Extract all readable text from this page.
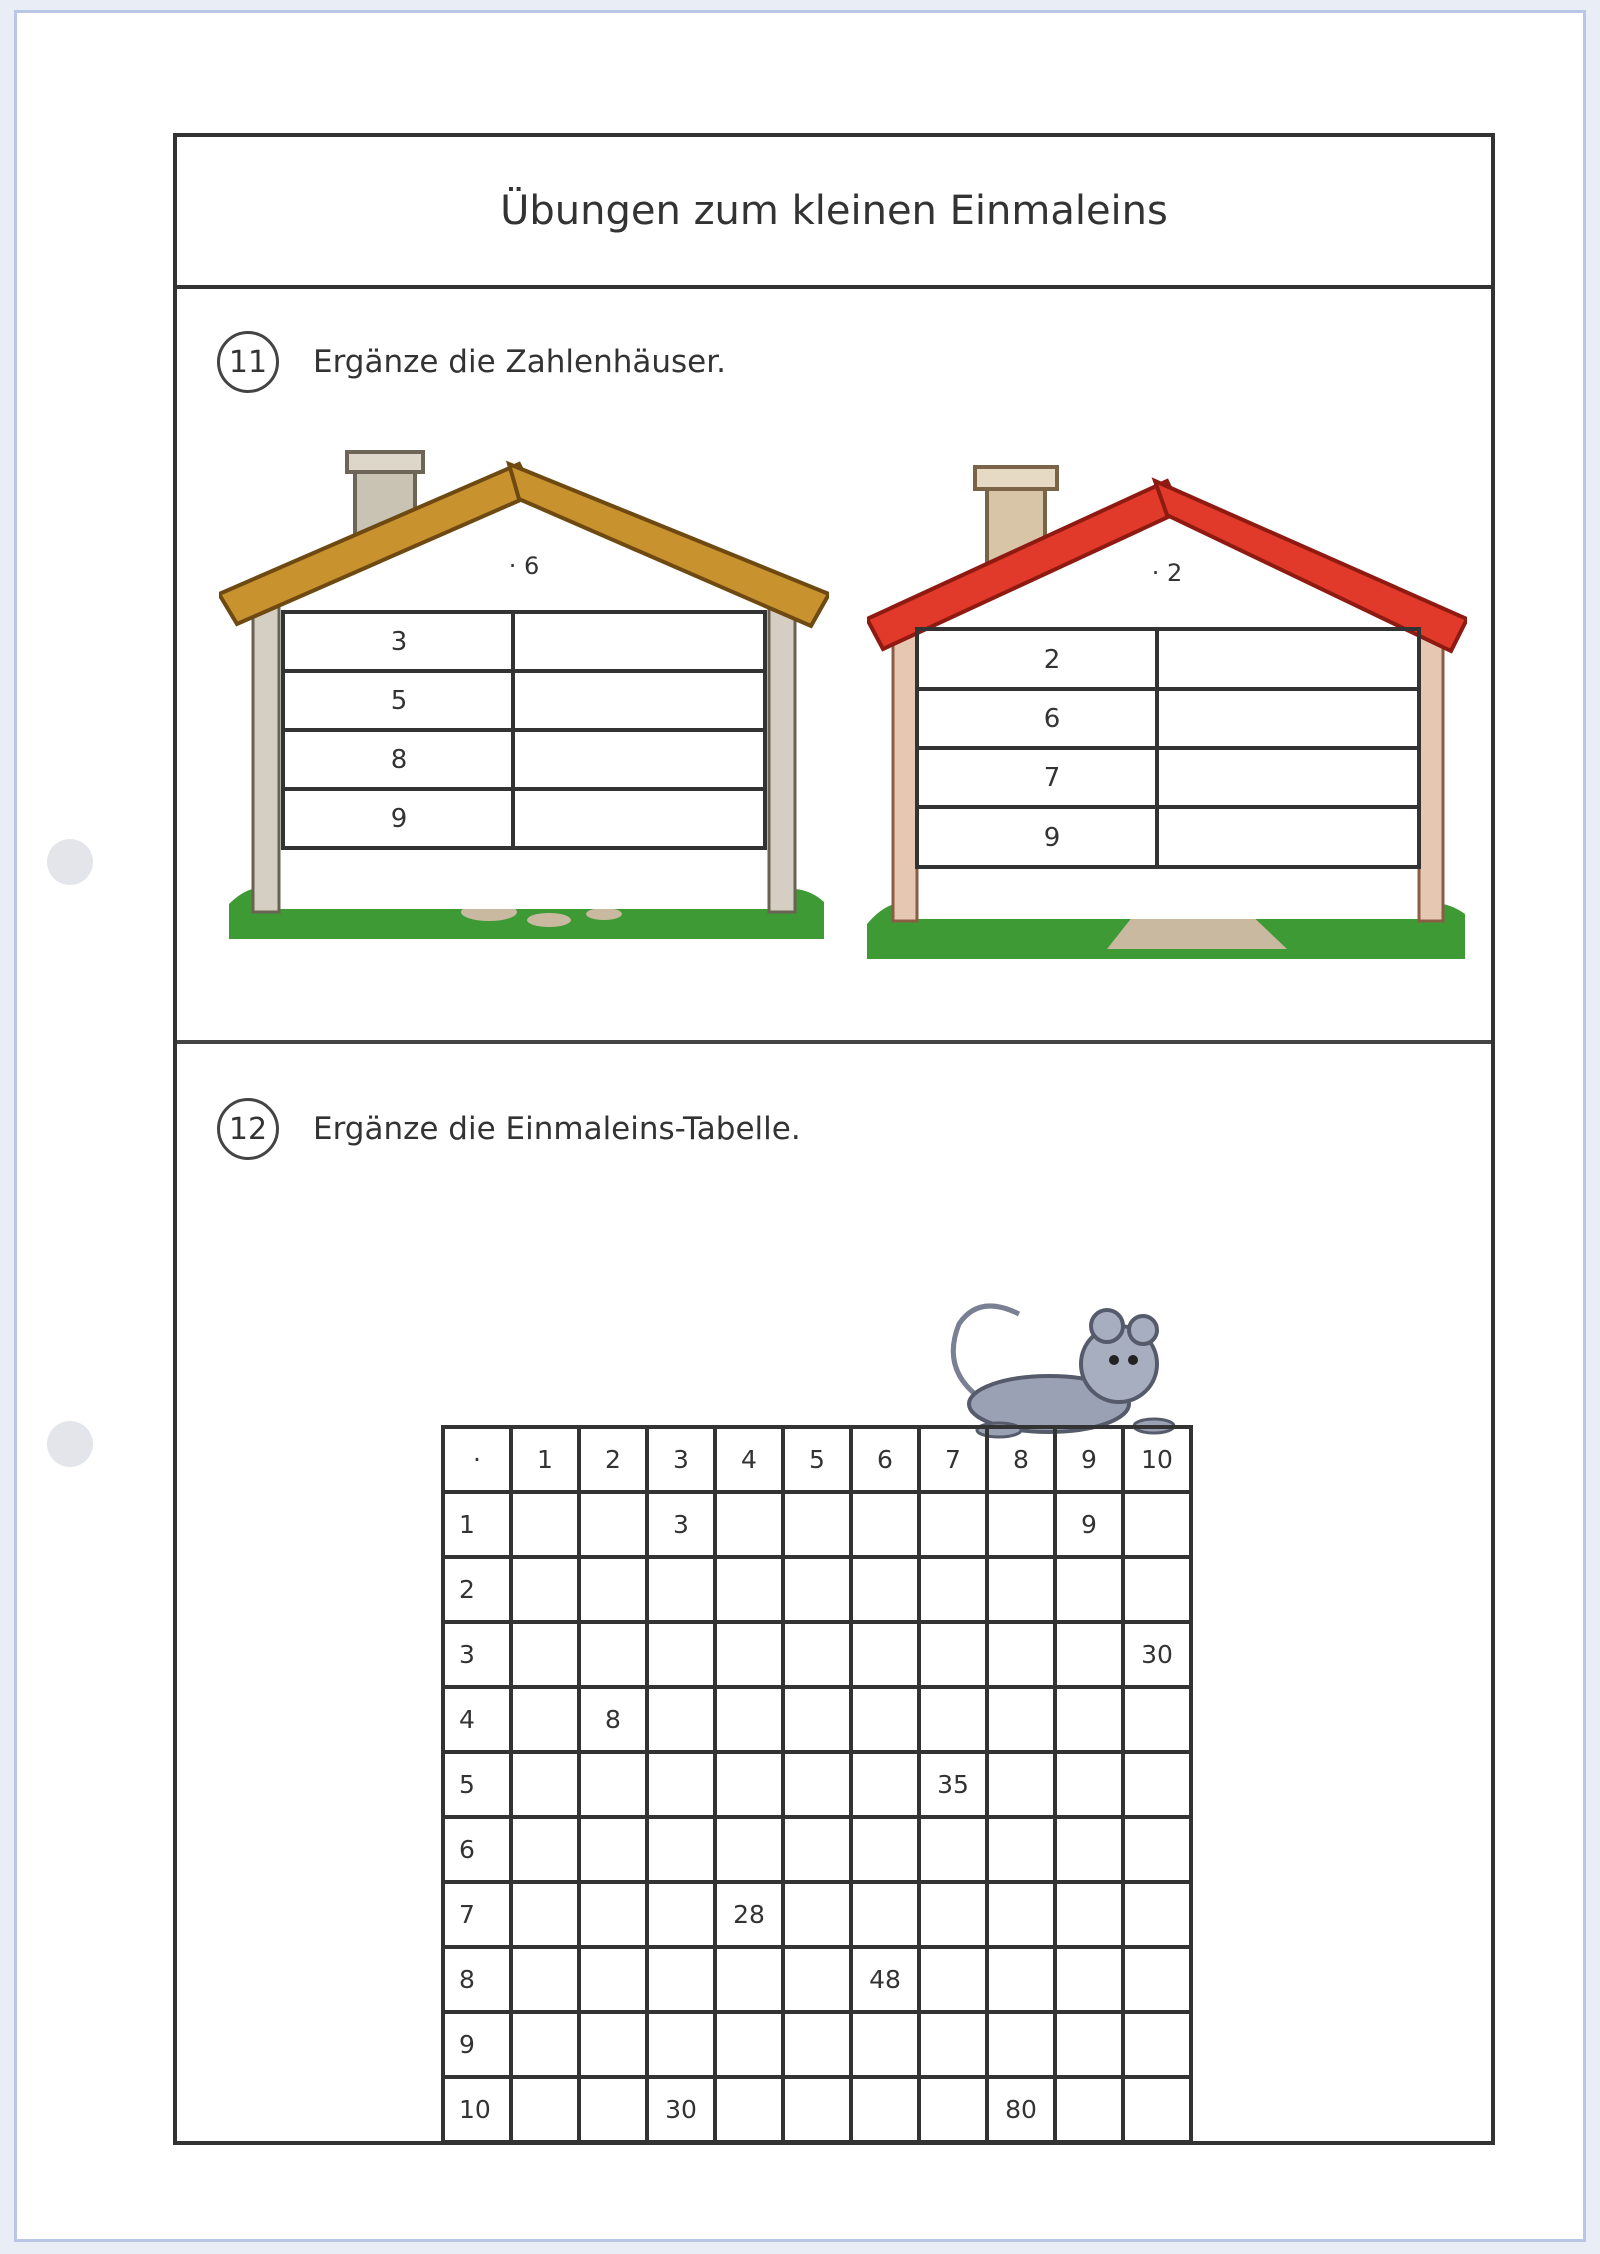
Übungen zum kleinen Einmaleins
11	Ergänze die Zahlenhäuser.
· 6
3
5
8
9
· 2
2
6
7
9
12	Ergänze die Einmaleins-Tabelle.
·	1	2	3	4	5	6	7	8	9	10
1			3						9	
2										
3										30
4		8								
5							35			
6										
7				28						
8						48				
9										
10			30					80		
